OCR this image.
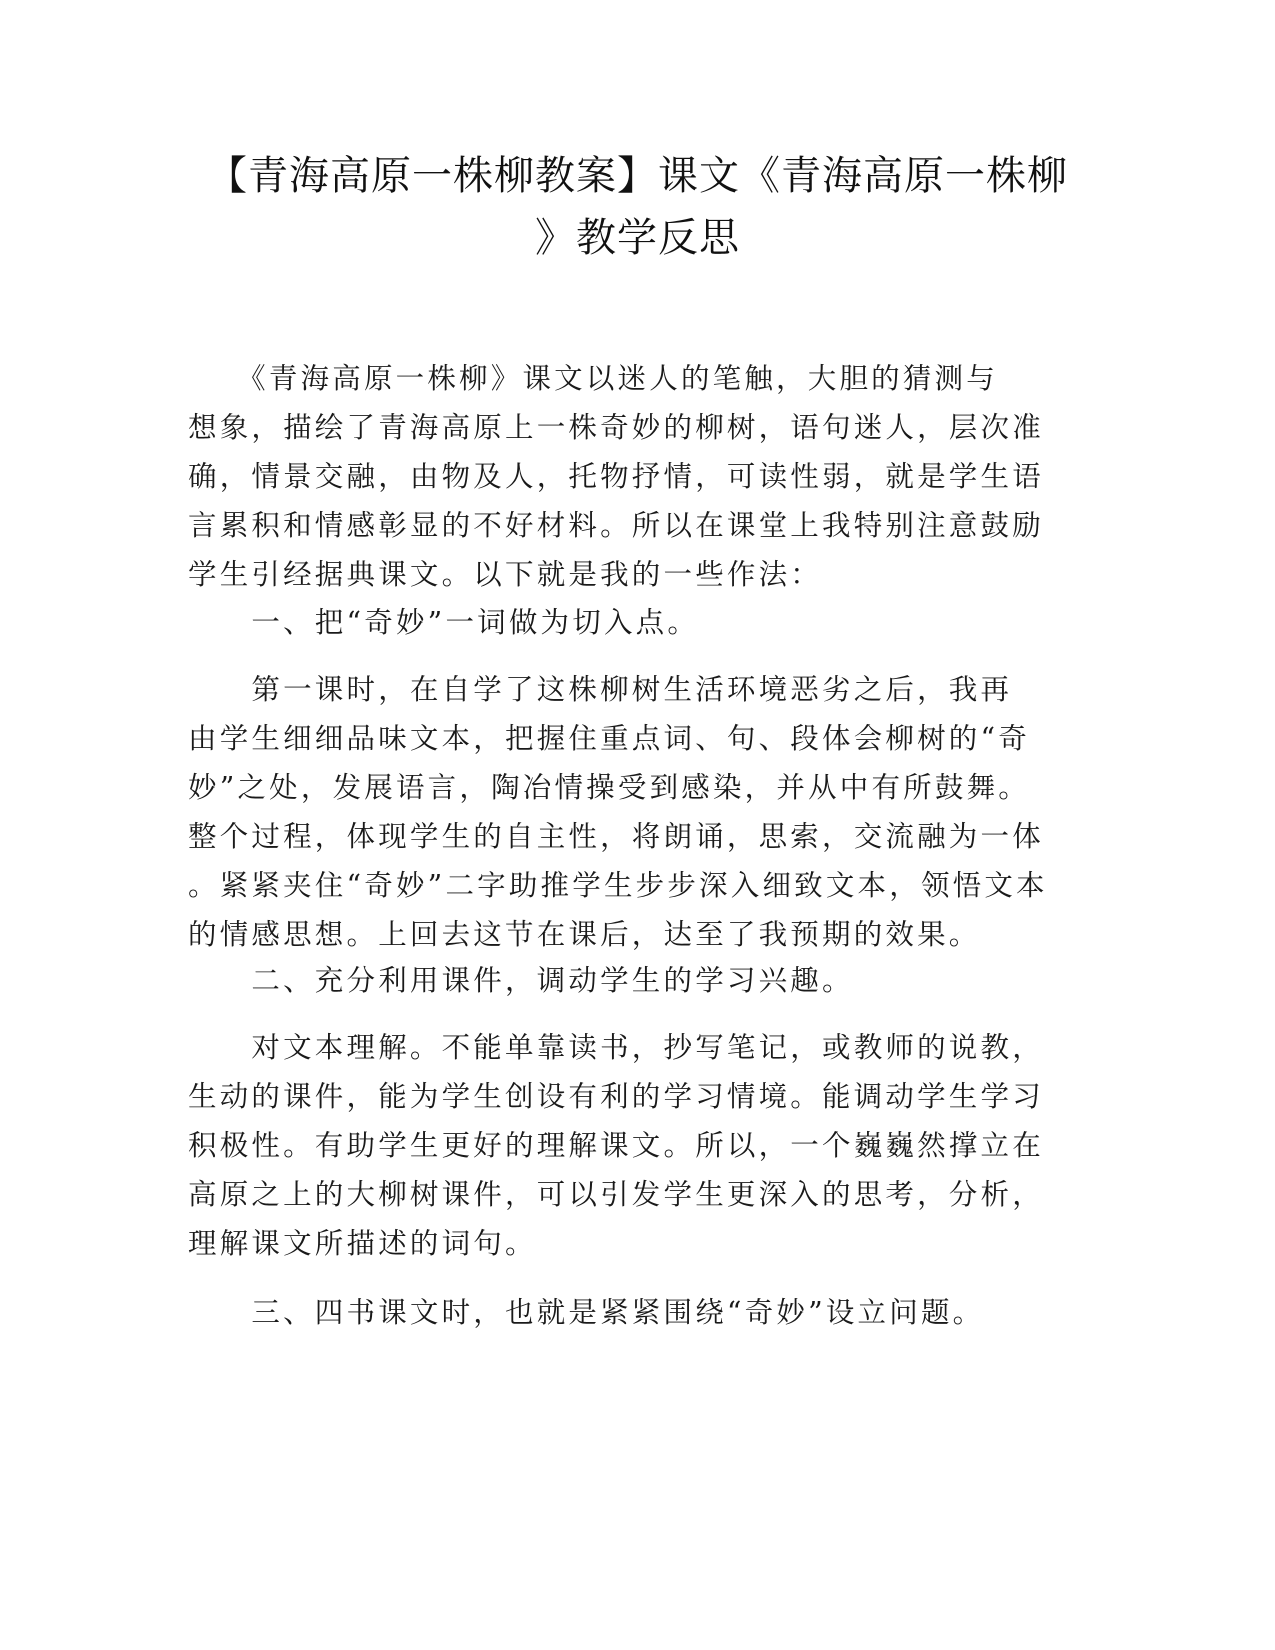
【青海高原一株柳教案】课文《青海高原一株柳
》教学反思
　　《青海高原一株柳》课文以迷人的笔触，大胆的猜测与
想象，描绘了青海高原上一株奇妙的柳树，语句迷人，层次准
确，情景交融，由物及人，托物抒情，可读性弱，就是学生语
言累积和情感彰显的不好材料。所以在课堂上我特别注意鼓励
学生引经据典课文。以下就是我的一些作法：
　　一、把“奇妙”一词做为切入点。
　　第一课时，在自学了这株柳树生活环境恶劣之后，我再
由学生细细品味文本，把握住重点词、句、段体会柳树的“奇
妙”之处，发展语言，陶冶情操受到感染，并从中有所鼓舞。
整个过程，体现学生的自主性，将朗诵，思索，交流融为一体
。紧紧夹住“奇妙”二字助推学生步步深入细致文本，领悟文本
的情感思想。上回去这节在课后，达至了我预期的效果。
　　二、充分利用课件，调动学生的学习兴趣。
　　对文本理解。不能单靠读书，抄写笔记，或教师的说教，
生动的课件，能为学生创设有利的学习情境。能调动学生学习
积极性。有助学生更好的理解课文。所以，一个巍巍然撑立在
高原之上的大柳树课件，可以引发学生更深入的思考，分析，
理解课文所描述的词句。
　　三、四书课文时，也就是紧紧围绕“奇妙”设立问题。
